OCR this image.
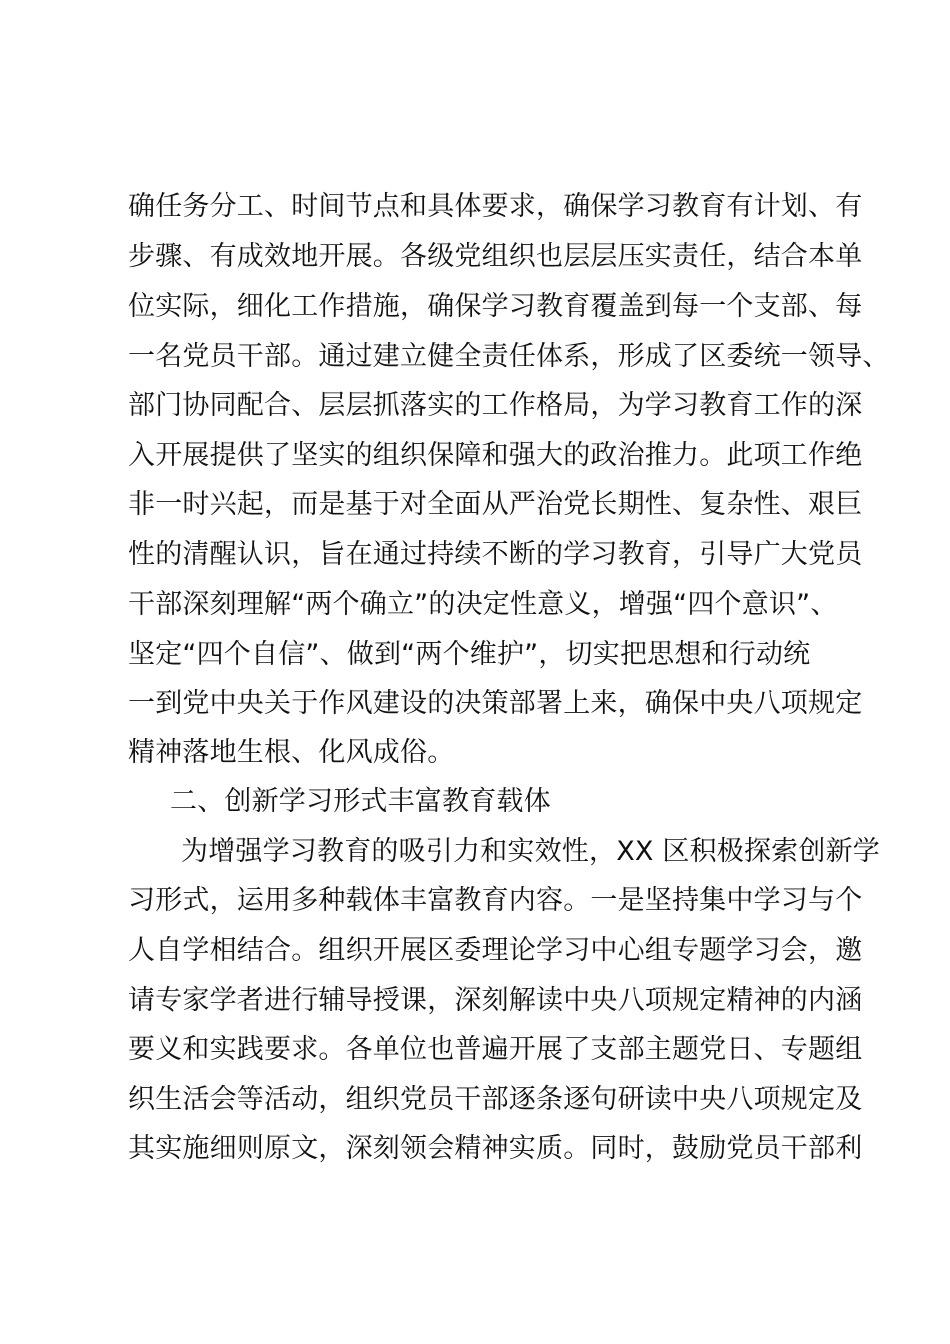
确任务分工、时间节点和具体要求，确保学习教育有计划、有
步骤、有成效地开展。各级党组织也层层压实责任，结合本单
位实际，细化工作措施，确保学习教育覆盖到每一个支部、每
一名党员干部。通过建立健全责任体系，形成了区委统一领导、
部门协同配合、层层抓落实的工作格局，为学习教育工作的深
入开展提供了坚实的组织保障和强大的政治推力。此项工作绝
非一时兴起，而是基于对全面从严治党长期性、复杂性、艰巨
性的清醒认识，旨在通过持续不断的学习教育，引导广大党员
干部深刻理解“两个确立”的决定性意义，增强“四个意识”、
坚定“四个自信”、做到“两个维护”，切实把思想和行动统
一到党中央关于作风建设的决策部署上来，确保中央八项规定
精神落地生根、化风成俗。
二、创新学习形式丰富教育载体
为增强学习教育的吸引力和实效性，XX 区积极探索创新学
习形式，运用多种载体丰富教育内容。一是坚持集中学习与个
人自学相结合。组织开展区委理论学习中心组专题学习会，邀
请专家学者进行辅导授课，深刻解读中央八项规定精神的内涵
要义和实践要求。各单位也普遍开展了支部主题党日、专题组
织生活会等活动，组织党员干部逐条逐句研读中央八项规定及
其实施细则原文，深刻领会精神实质。同时，鼓励党员干部利
